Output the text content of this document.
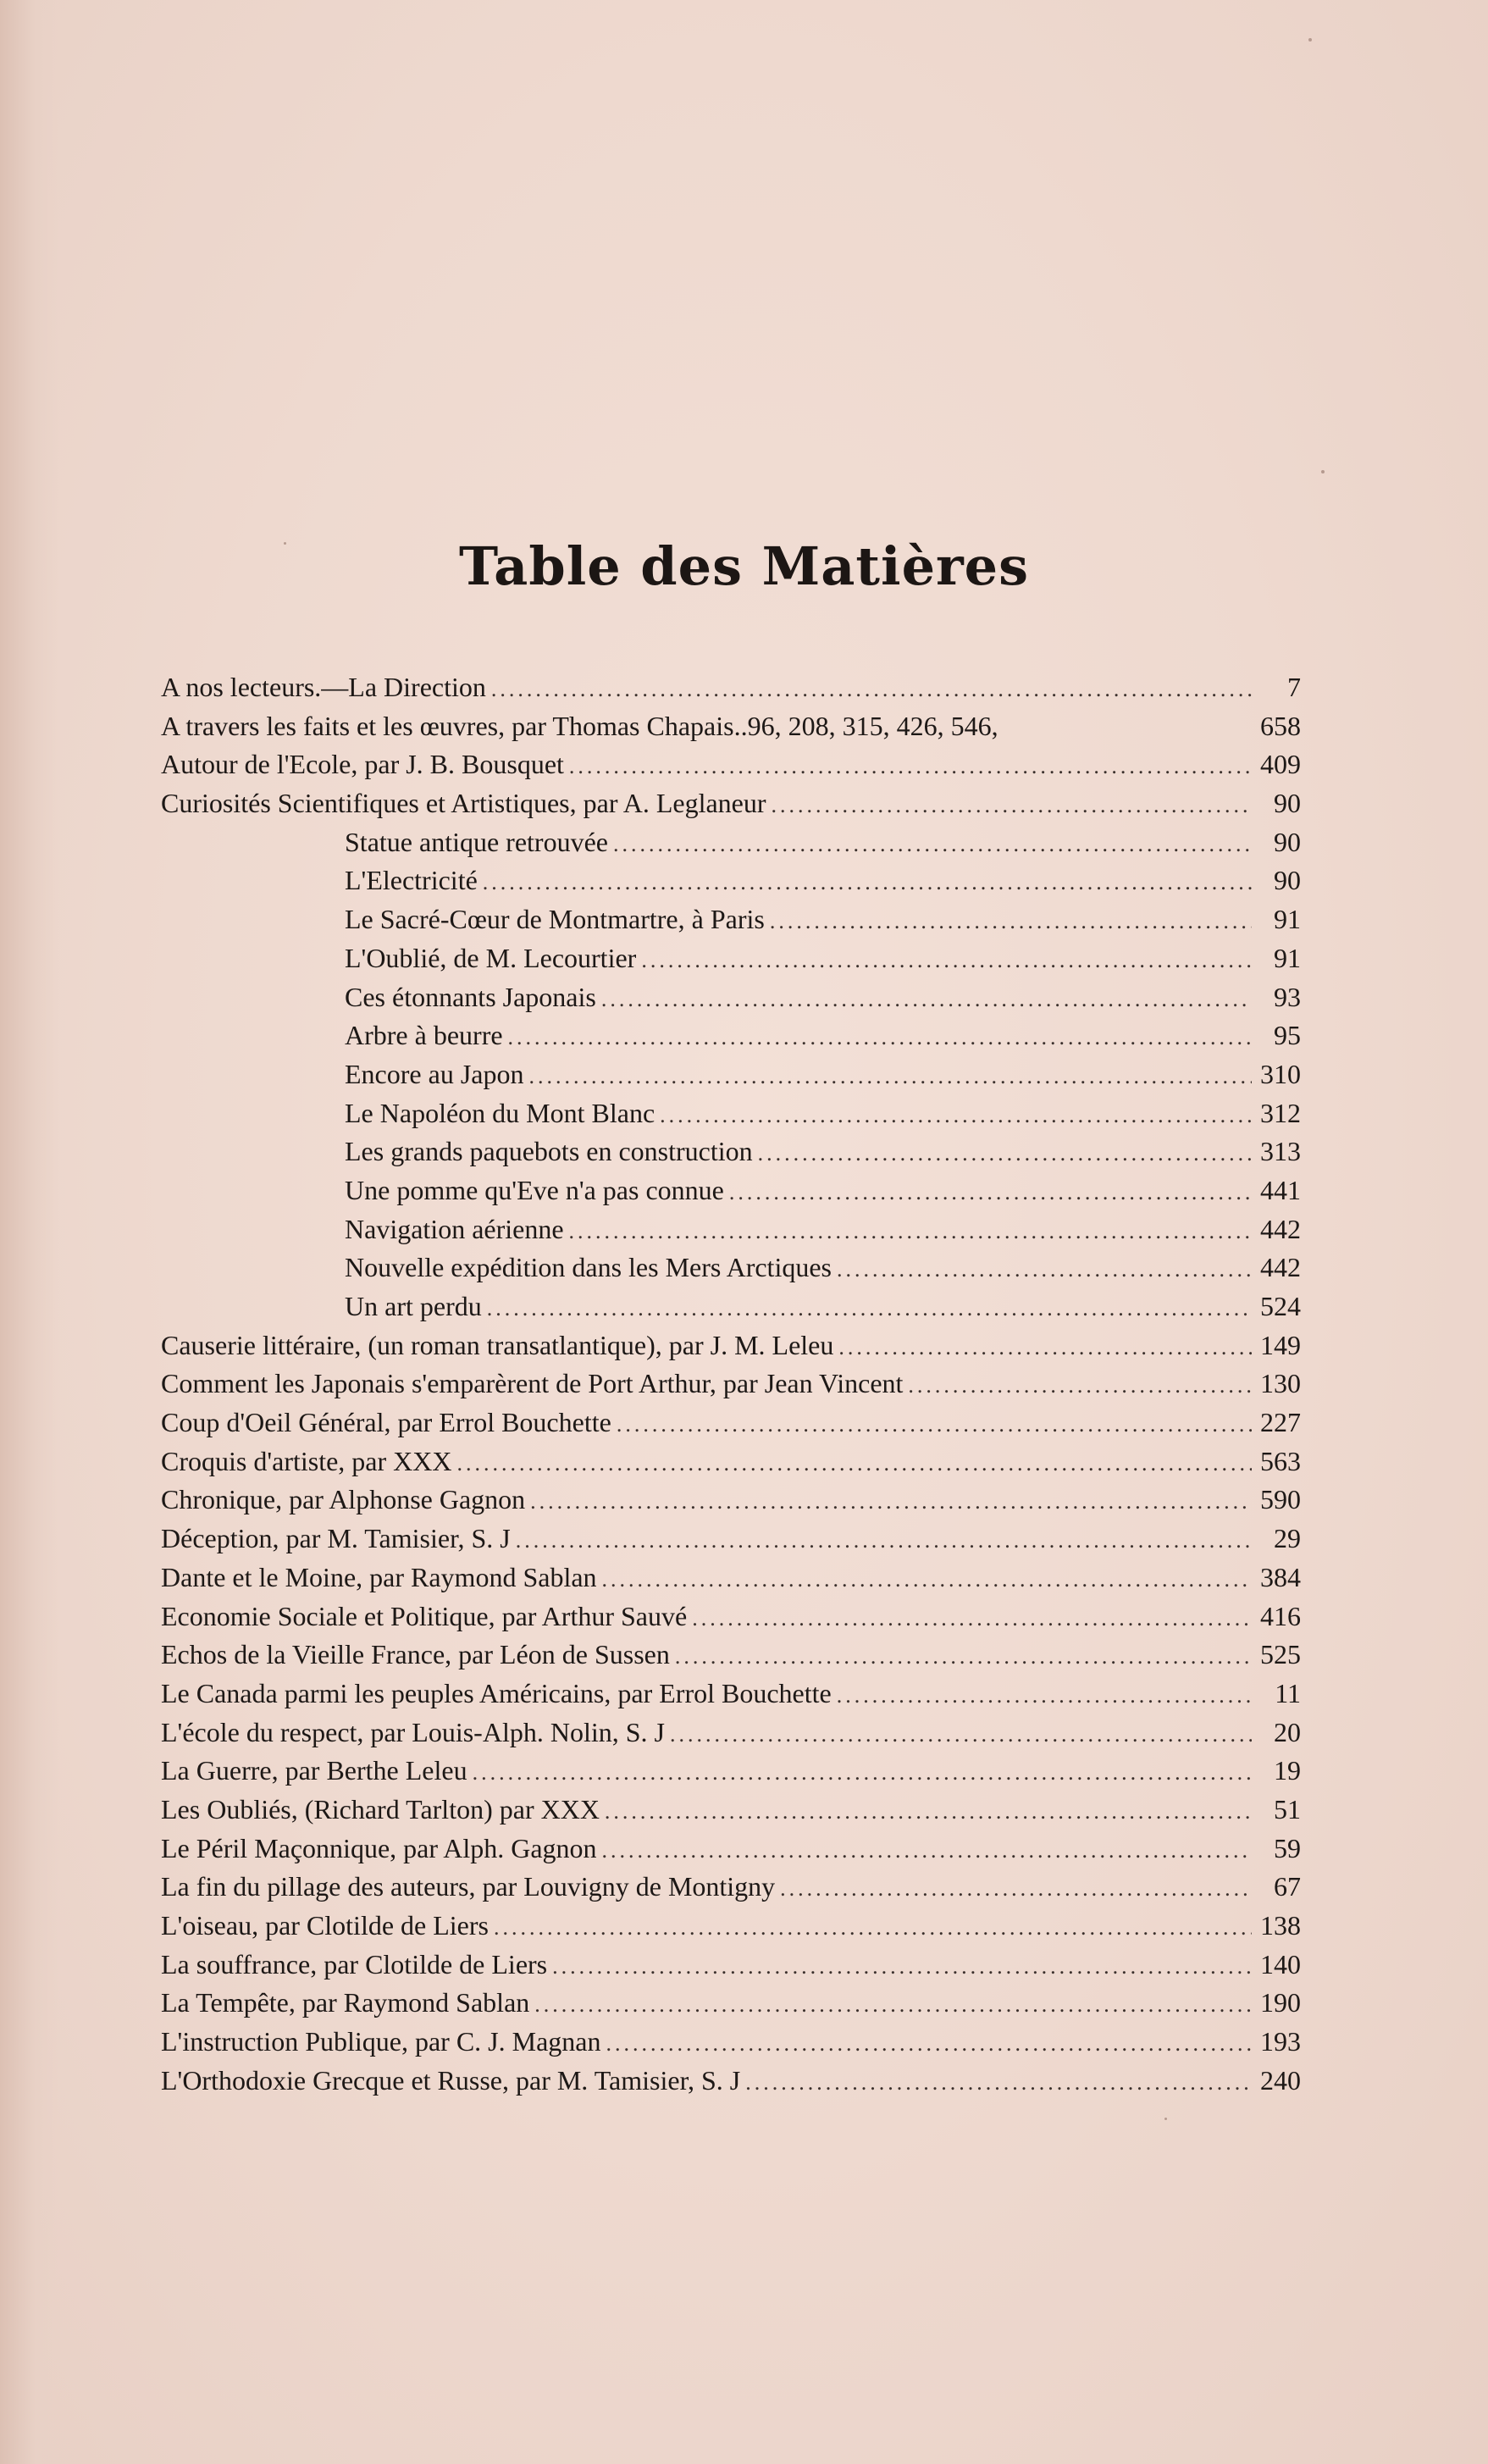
Table des Matières
A nos lecteurs.—La Direction .....	7
A travers les faits et les œuvres, par Thomas Chapais..96, 208, 315, 426, 546,	658
Autour de l'Ecole, par J. B. Bousquet .....	409
Curiosités Scientifiques et Artistiques, par A. Leglaneur .....	90
Statue antique retrouvée .....	90
L'Electricité .....	90
Le Sacré-Cœur de Montmartre, à Paris .....	91
L'Oublié, de M. Lecourtier .....	91
Ces étonnants Japonais .....	93
Arbre à beurre .....	95
Encore au Japon .....	310
Le Napoléon du Mont Blanc .....	312
Les grands paquebots en construction .....	313
Une pomme qu'Eve n'a pas connue .....	441
Navigation aérienne .....	442
Nouvelle expédition dans les Mers Arctiques .....	442
Un art perdu .....	524
Causerie littéraire, (un roman transatlantique), par J. M. Leleu .....	149
Comment les Japonais s'emparèrent de Port Arthur, par Jean Vincent .....	130
Coup d'Oeil Général, par Errol Bouchette .....	227
Croquis d'artiste, par XXX .....	563
Chronique, par Alphonse Gagnon .....	590
Déception, par M. Tamisier, S. J .....	29
Dante et le Moine, par Raymond Sablan .....	384
Economie Sociale et Politique, par Arthur Sauvé .....	416
Echos de la Vieille France, par Léon de Sussen .....	525
Le Canada parmi les peuples Américains, par Errol Bouchette .....	11
L'école du respect, par Louis-Alph. Nolin, S. J .....	20
La Guerre, par Berthe Leleu .....	19
Les Oubliés, (Richard Tarlton) par XXX .....	51
Le Péril Maçonnique, par Alph. Gagnon .....	59
La fin du pillage des auteurs, par Louvigny de Montigny .....	67
L'oiseau, par Clotilde de Liers .....	138
La souffrance, par Clotilde de Liers .....	140
La Tempête, par Raymond Sablan .....	190
L'instruction Publique, par C. J. Magnan .....	193
L'Orthodoxie Grecque et Russe, par M. Tamisier, S. J .....	240
